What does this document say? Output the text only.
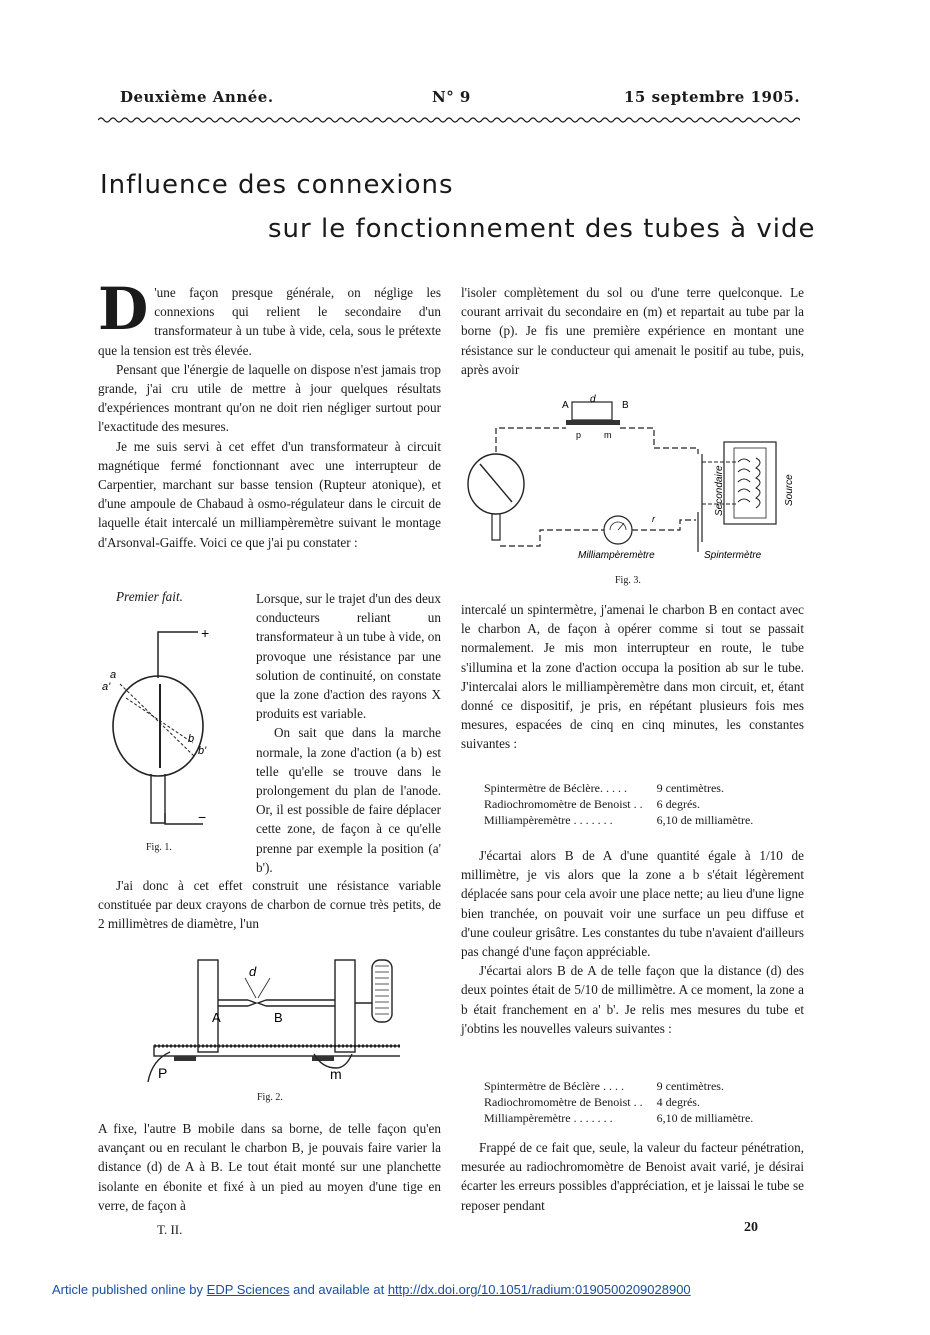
Deuxième Année.	N° 9	15 septembre 1905.
Influence des connexions
sur le fonctionnement des tubes à vide

D 'une façon presque générale, on néglige les connexions qui relient le secondaire d'un transformateur à un tube à vide, cela, sous le prétexte que la tension est très élevée.

Pensant que l'énergie de laquelle on dispose n'est jamais trop grande, j'ai cru utile de mettre à jour quelques résultats d'expériences montrant qu'on ne doit rien négliger surtout pour l'exactitude des mesures.

Je me suis servi à cet effet d'un transformateur à circuit magnétique fermé fonctionnant avec une interrupteur de Carpentier, marchant sur basse tension (Rupteur atonique), et d'une ampoule de Chabaud à osmo-régulateur dans le circuit de laquelle était intercalé un milliampèremètre suivant le montage d'Arsonval-Gaiffe. Voici ce que j'ai pu constater :

Premier fait.	Lorsque, sur le trajet d'un des deux conducteurs reliant un transformateur à un tube à vide, on provoque une résistance par une solution de continuité, on constate que la zone d'action des rayons X produits est variable.

On sait que dans la marche normale, la zone d'action (a b) est telle qu'elle se trouve dans le prolongement du plan de l'anode. Or, il est possible de faire déplacer cette zone, de façon à ce qu'elle prenne par exemple la position (a' b').

+
a
a'
b
b'
−
Fig. 1.

J'ai donc à cet effet construit une résistance variable constituée par deux crayons de charbon de cornue très petits, de 2 millimètres de diamètre, l'un

d
A	B
P	m
Fig. 2.

A fixe, l'autre B mobile dans sa borne, de telle façon qu'en avançant ou en reculant le charbon B, je pouvais faire varier la distance (d) de A à B. Le tout était monté sur une planchette isolante en ébonite et fixé à un pied au moyen d'une tige en verre, de façon à

T. II.

l'isoler complètement du sol ou d'une terre quelconque. Le courant arrivait du secondaire en (m) et repartait au tube par la borne (p). Je fis une première expérience en montant une résistance sur le conducteur qui amenait le positif au tube, puis, après avoir

A
d
B
p	m
r
Secondaire	Source
Milliampèremètre	Spintermètre
Fig. 3.

intercalé un spintermètre, j'amenai le charbon B en contact avec le charbon A, de façon à opérer comme si tout se passait normalement. Je mis mon interrupteur en route, le tube s'illumina et la zone d'action occupa la position ab sur le tube. J'intercalai alors le milliampèremètre dans mon circuit, et, étant donné ce dispositif, je pris, en répétant plusieurs fois mes mesures, espacées de cinq en cinq minutes, les constantes suivantes :

Spintermètre de Béclère. . . . .	9 centimètres.
Radiochromomètre de Benoist . .	6 degrés.
Milliampèremètre . . . . . . .	6,10 de milliamètre.

J'écartai alors B de A d'une quantité égale à 1/10 de millimètre, je vis alors que la zone a b s'était légèrement déplacée sans pour cela avoir une place nette; au lieu d'une ligne bien tranchée, on pouvait voir une surface un peu diffuse et d'une couleur grisâtre. Les constantes du tube n'avaient d'ailleurs pas changé d'une façon appréciable.

J'écartai alors B de A de telle façon que la distance (d) des deux pointes était de 5/10 de millimètre. A ce moment, la zone a b était franchement en a' b'. Je relis mes mesures du tube et j'obtins les nouvelles valeurs suivantes :

Spintermètre de Béclère . . . .	9 centimètres.
Radiochromomètre de Benoist . .	4 degrés.
Milliampèremètre . . . . . . .	6,10 de milliamètre.

Frappé de ce fait que, seule, la valeur du facteur pénétration, mesurée au radiochromomètre de Benoist avait varié, je désirai écarter les erreurs possibles d'appréciation, et je laissai le tube se reposer pendant

20
Article published online by EDP Sciences and available at http://dx.doi.org/10.1051/radium:0190500209028900
